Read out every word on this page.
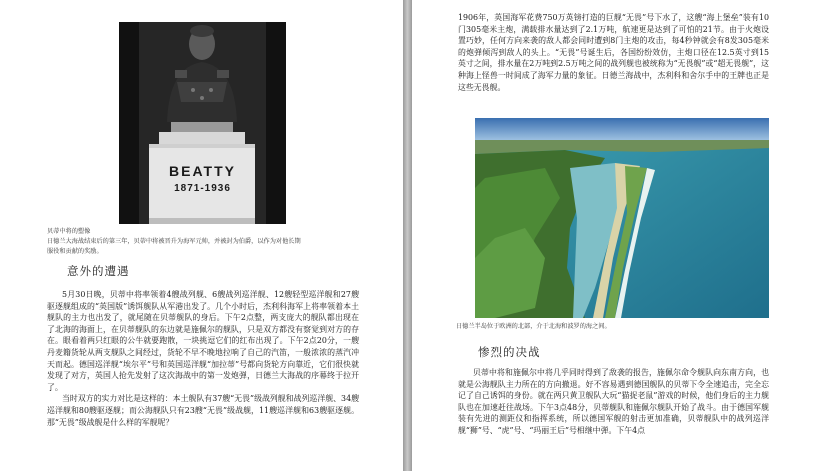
BEATTY
1871-1936
贝蒂中将的塑像
日德兰大海战结束后的第三年，贝蒂中将被晋升为海军元帅，并被封为伯爵，以作为对他长期
服役和贡献的奖励。
意外的遭遇

5月30日晚，贝蒂中将率领着4艘战列舰、6艘战列巡洋舰、12艘轻型巡洋舰和27艘驱逐舰组成的“英国版”诱饵舰队从军港出发了。几个小时后，杰利科海军上将率领着本土舰队的主力也出发了，就尾随在贝蒂舰队的身后。下午2点整，两支庞大的舰队都出现在了北海的海面上，在贝蒂舰队的东边就是施佩尔的舰队，只是双方都没有察觉到对方的存在。眼看着两只红眼的公牛就要跑散，一块挑逗它们的红布出现了。下午2点20分，一艘丹麦籍货轮从两支舰队之间经过，货轮不早不晚地拉响了自己的汽笛，一般浓浓的蒸汽冲天而起。德国巡洋舰“埃尔平”号和英国巡洋舰“加拉蒂”号都向货轮方向靠近，它们很快就发现了对方，英国人抢先发射了这次海战中的第一发炮弹，日德兰大海战的序幕终于拉开了。

当时双方的实力对比是这样的：本土舰队有37艘“无畏”级战列舰和战列巡洋舰、34艘巡洋舰和80艘驱逐舰；而公海舰队只有23艘“无畏”级战舰，11艘巡洋舰和63艘驱逐舰。那“无畏”级战舰是什么样的军舰呢？

1906年，英国海军花费750万英镑打造的巨舰“无畏”号下水了，这艘“海上堡垒”装有10门305毫米主炮，满载排水量达到了2.1万吨，航速更是达到了可怕的21节。由于火炮设置巧妙，任何方向来袭的敌人都会同时遭到8门主炮的攻击，每4秒钟就会有8发305毫米的炮弹倾泻到敌人的头上。“无畏”号诞生后，各国纷纷效仿，主炮口径在12.5英寸到15英寸之间，排水量在2万吨到2.5万吨之间的战列舰也被统称为“无畏舰”或“超无畏舰”，这种海上怪兽一时间成了海军力量的象征。日德兰海战中，杰利科和舍尔手中的王牌也正是这些无畏舰。

日德兰半岛位于欧洲的北部，介于北海和波罗的海之间。
惨烈的决战

贝蒂中将和施佩尔中将几乎同时得到了敌袭的报告，施佩尔命令舰队向东南方向，也就是公海舰队主力所在的方向撤退。好不容易遇到德国舰队的贝蒂下令全速追击，完全忘记了自己诱饵的身份。就在两只黄卫舰队大玩“猫捉老鼠”游戏的时候，他们身后的主力舰队也在加速赶往战场。下午3点48分，贝蒂舰队和施佩尔舰队开始了战斗。由于德国军舰装有先进的测距仪和指挥系统，所以德国军舰的射击更加准确，贝蒂舰队中的战列巡洋舰“狮”号、“虎”号、“玛丽王后”号相继中弹。下午4点
